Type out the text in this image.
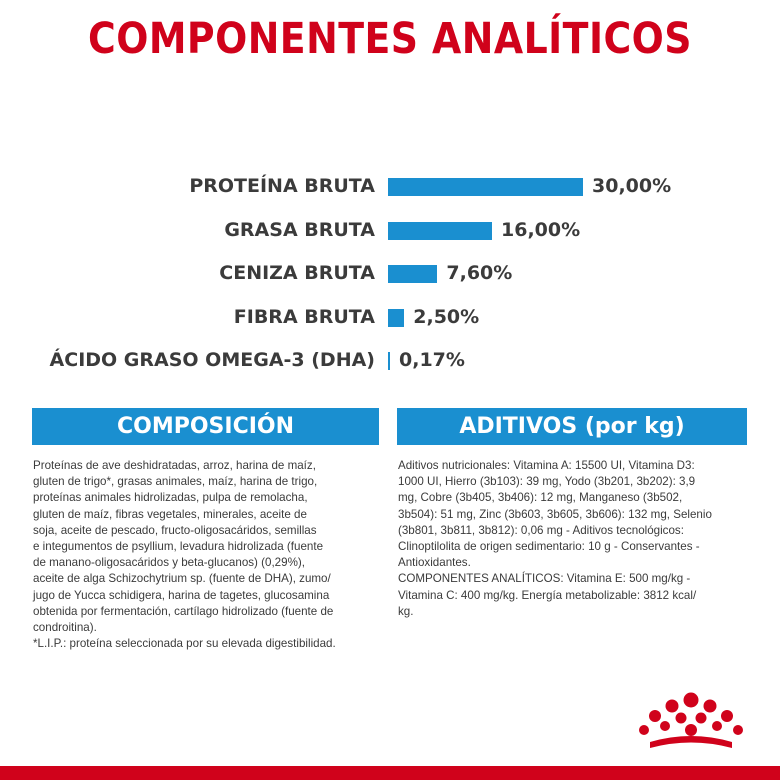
COMPONENTES ANALÍTICOS
PROTEÍNA BRUTA	30,00%
GRASA BRUTA	16,00%
CENIZA BRUTA	7,60%
FIBRA BRUTA 2,50%
ÁCIDO GRASO OMEGA-3 (DHA) 0,17%
COMPOSICIÓN

Proteínas de ave deshidratadas, arroz, harina de maíz,

gluten de trigo*, grasas animales, maíz, harina de trigo,

proteínas animales hidrolizadas, pulpa de remolacha,

gluten de maíz, fibras vegetales, minerales, aceite de

soja, aceite de pescado, fructo-oligosacáridos, semillas

e integumentos de psyllium, levadura hidrolizada (fuente

de manano-oligosacáridos y beta-glucanos) (0,29%),

aceite de alga Schizochytrium sp. (fuente de DHA), zumo/

jugo de Yucca schidigera, harina de tagetes, glucosamina

obtenida por fermentación, cartílago hidrolizado (fuente de

condroitina).

*L.I.P.: proteína seleccionada por su elevada digestibilidad.

ADITIVOS (por kg)

Aditivos nutricionales: Vitamina A: 15500 UI, Vitamina D3:

1000 UI, Hierro (3b103): 39 mg, Yodo (3b201, 3b202): 3,9

mg, Cobre (3b405, 3b406): 12 mg, Manganeso (3b502,

3b504): 51 mg, Zinc (3b603, 3b605, 3b606): 132 mg, Selenio

(3b801, 3b811, 3b812): 0,06 mg - Aditivos tecnológicos:

Clinoptilolita de origen sedimentario: 10 g - Conservantes -

Antioxidantes.

COMPONENTES ANALÍTICOS: Vitamina E: 500 mg/kg -

Vitamina C: 400 mg/kg. Energía metabolizable: 3812 kcal/

kg.
